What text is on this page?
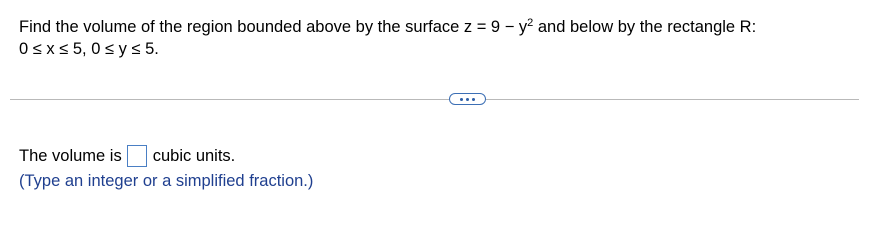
Find the volume of the region bounded above by the surface $z = 9 - y^2$ and below by the rectangle R:
0 ≤ x ≤ 5, 0 ≤ y ≤ 5.
The volume is cubic units.
(Type an integer or a simplified fraction.)
